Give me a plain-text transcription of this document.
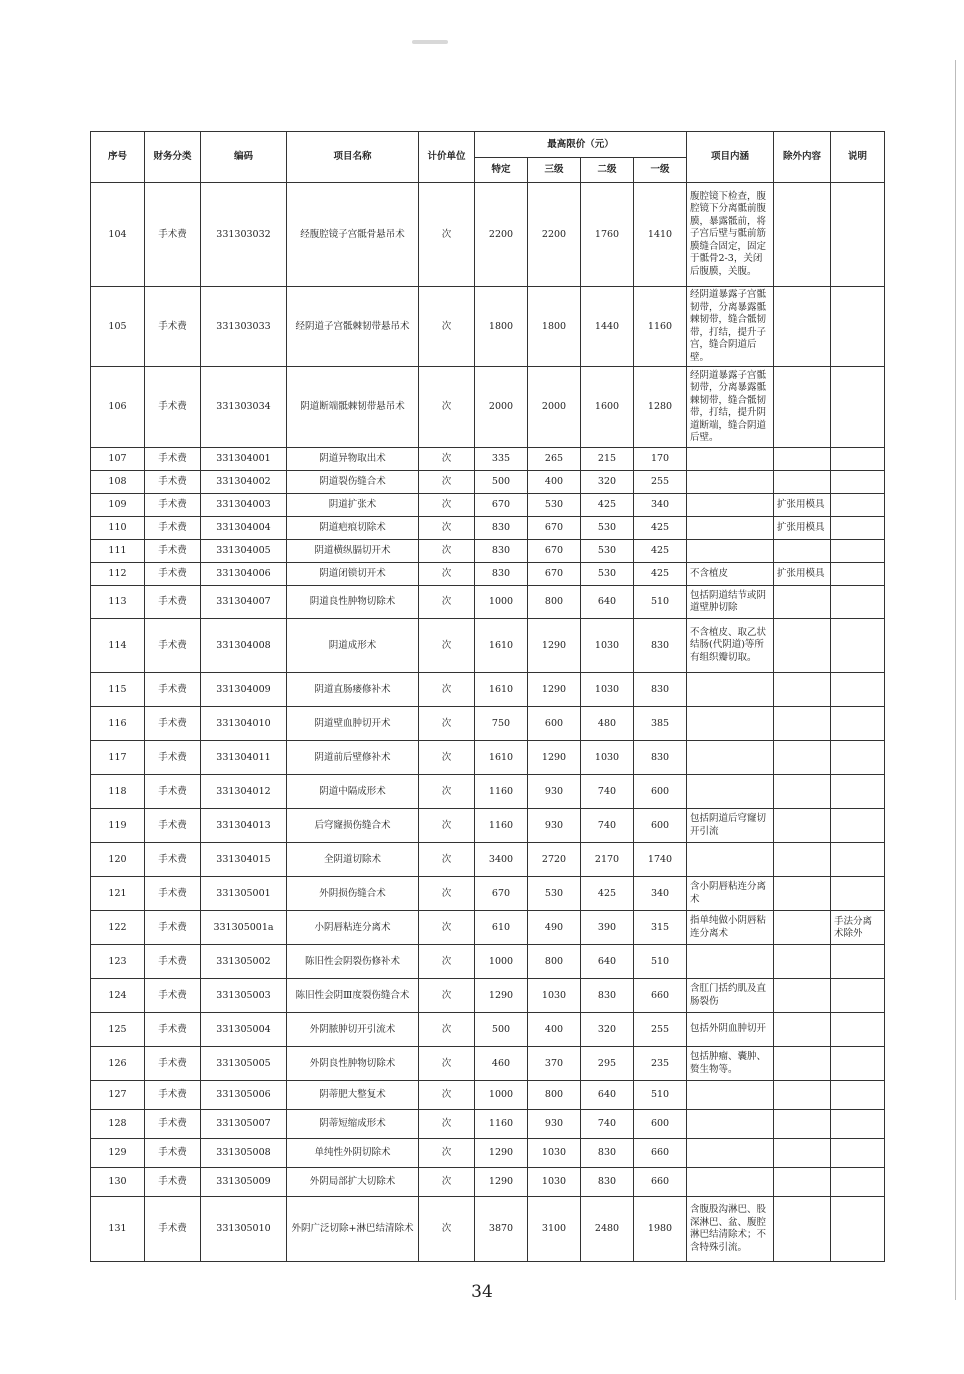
序号	财务分类	编码	项目名称	计价单位	最高限价（元）				项目内涵	除外内容	说明
					特定	三级	二级	一级			
104	手术费	331303032	经腹腔镜子宫骶骨悬吊术	次	2200	2200	1760	1410	腹腔镜下检查，腹腔镜下分离骶前腹膜，暴露骶前，将子宫后壁与骶前筋膜缝合固定，固定于骶骨2-3，关闭后腹膜，关腹。		
105	手术费	331303033	经阴道子宫骶棘韧带悬吊术	次	1800	1800	1440	1160	经阴道暴露子宫骶韧带，分离暴露骶棘韧带，缝合骶韧带，打结，提升子宫，缝合阴道后壁。		
106	手术费	331303034	阴道断端骶棘韧带悬吊术	次	2000	2000	1600	1280	经阴道暴露子宫骶韧带，分离暴露骶棘韧带，缝合骶韧带，打结，提升阴道断端，缝合阴道后壁。		
107	手术费	331304001	阴道异物取出术	次	335	265	215	170			
108	手术费	331304002	阴道裂伤缝合术	次	500	400	320	255			
109	手术费	331304003	阴道扩张术	次	670	530	425	340		扩张用模具	
110	手术费	331304004	阴道疤痕切除术	次	830	670	530	425		扩张用模具	
111	手术费	331304005	阴道横纵膈切开术	次	830	670	530	425			
112	手术费	331304006	阴道闭锁切开术	次	830	670	530	425	不含植皮	扩张用模具	
113	手术费	331304007	阴道良性肿物切除术	次	1000	800	640	510	包括阴道结节或阴道壁肿切除		
114	手术费	331304008	阴道成形术	次	1610	1290	1030	830	不含植皮、取乙状结肠(代阴道)等所有组织瓣切取。		
115	手术费	331304009	阴道直肠瘘修补术	次	1610	1290	1030	830			
116	手术费	331304010	阴道壁血肿切开术	次	750	600	480	385			
117	手术费	331304011	阴道前后壁修补术	次	1610	1290	1030	830			
118	手术费	331304012	阴道中隔成形术	次	1160	930	740	600			
119	手术费	331304013	后穹窿损伤缝合术	次	1160	930	740	600	包括阴道后穹窿切开引流		
120	手术费	331304015	全阴道切除术	次	3400	2720	2170	1740			
121	手术费	331305001	外阴损伤缝合术	次	670	530	425	340	含小阴唇粘连分离术		
122	手术费	331305001a	小阴唇粘连分离术	次	610	490	390	315	指单纯做小阴唇粘连分离术		手法分离术除外
123	手术费	331305002	陈旧性会阴裂伤修补术	次	1000	800	640	510			
124	手术费	331305003	陈旧性会阴Ⅲ度裂伤缝合术	次	1290	1030	830	660	含肛门括约肌及直肠裂伤		
125	手术费	331305004	外阴脓肿切开引流术	次	500	400	320	255	包括外阴血肿切开		
126	手术费	331305005	外阴良性肿物切除术	次	460	370	295	235	包括肿瘤、囊肿、赘生物等。		
127	手术费	331305006	阴蒂肥大整复术	次	1000	800	640	510			
128	手术费	331305007	阴蒂短缩成形术	次	1160	930	740	600			
129	手术费	331305008	单纯性外阴切除术	次	1290	1030	830	660			
130	手术费	331305009	外阴局部扩大切除术	次	1290	1030	830	660			
131	手术费	331305010	外阴广泛切除+淋巴结清除术	次	3870	3100	2480	1980	含腹股沟淋巴、股深淋巴、盆、腹腔淋巴结清除术；不含特殊引流。		
34
